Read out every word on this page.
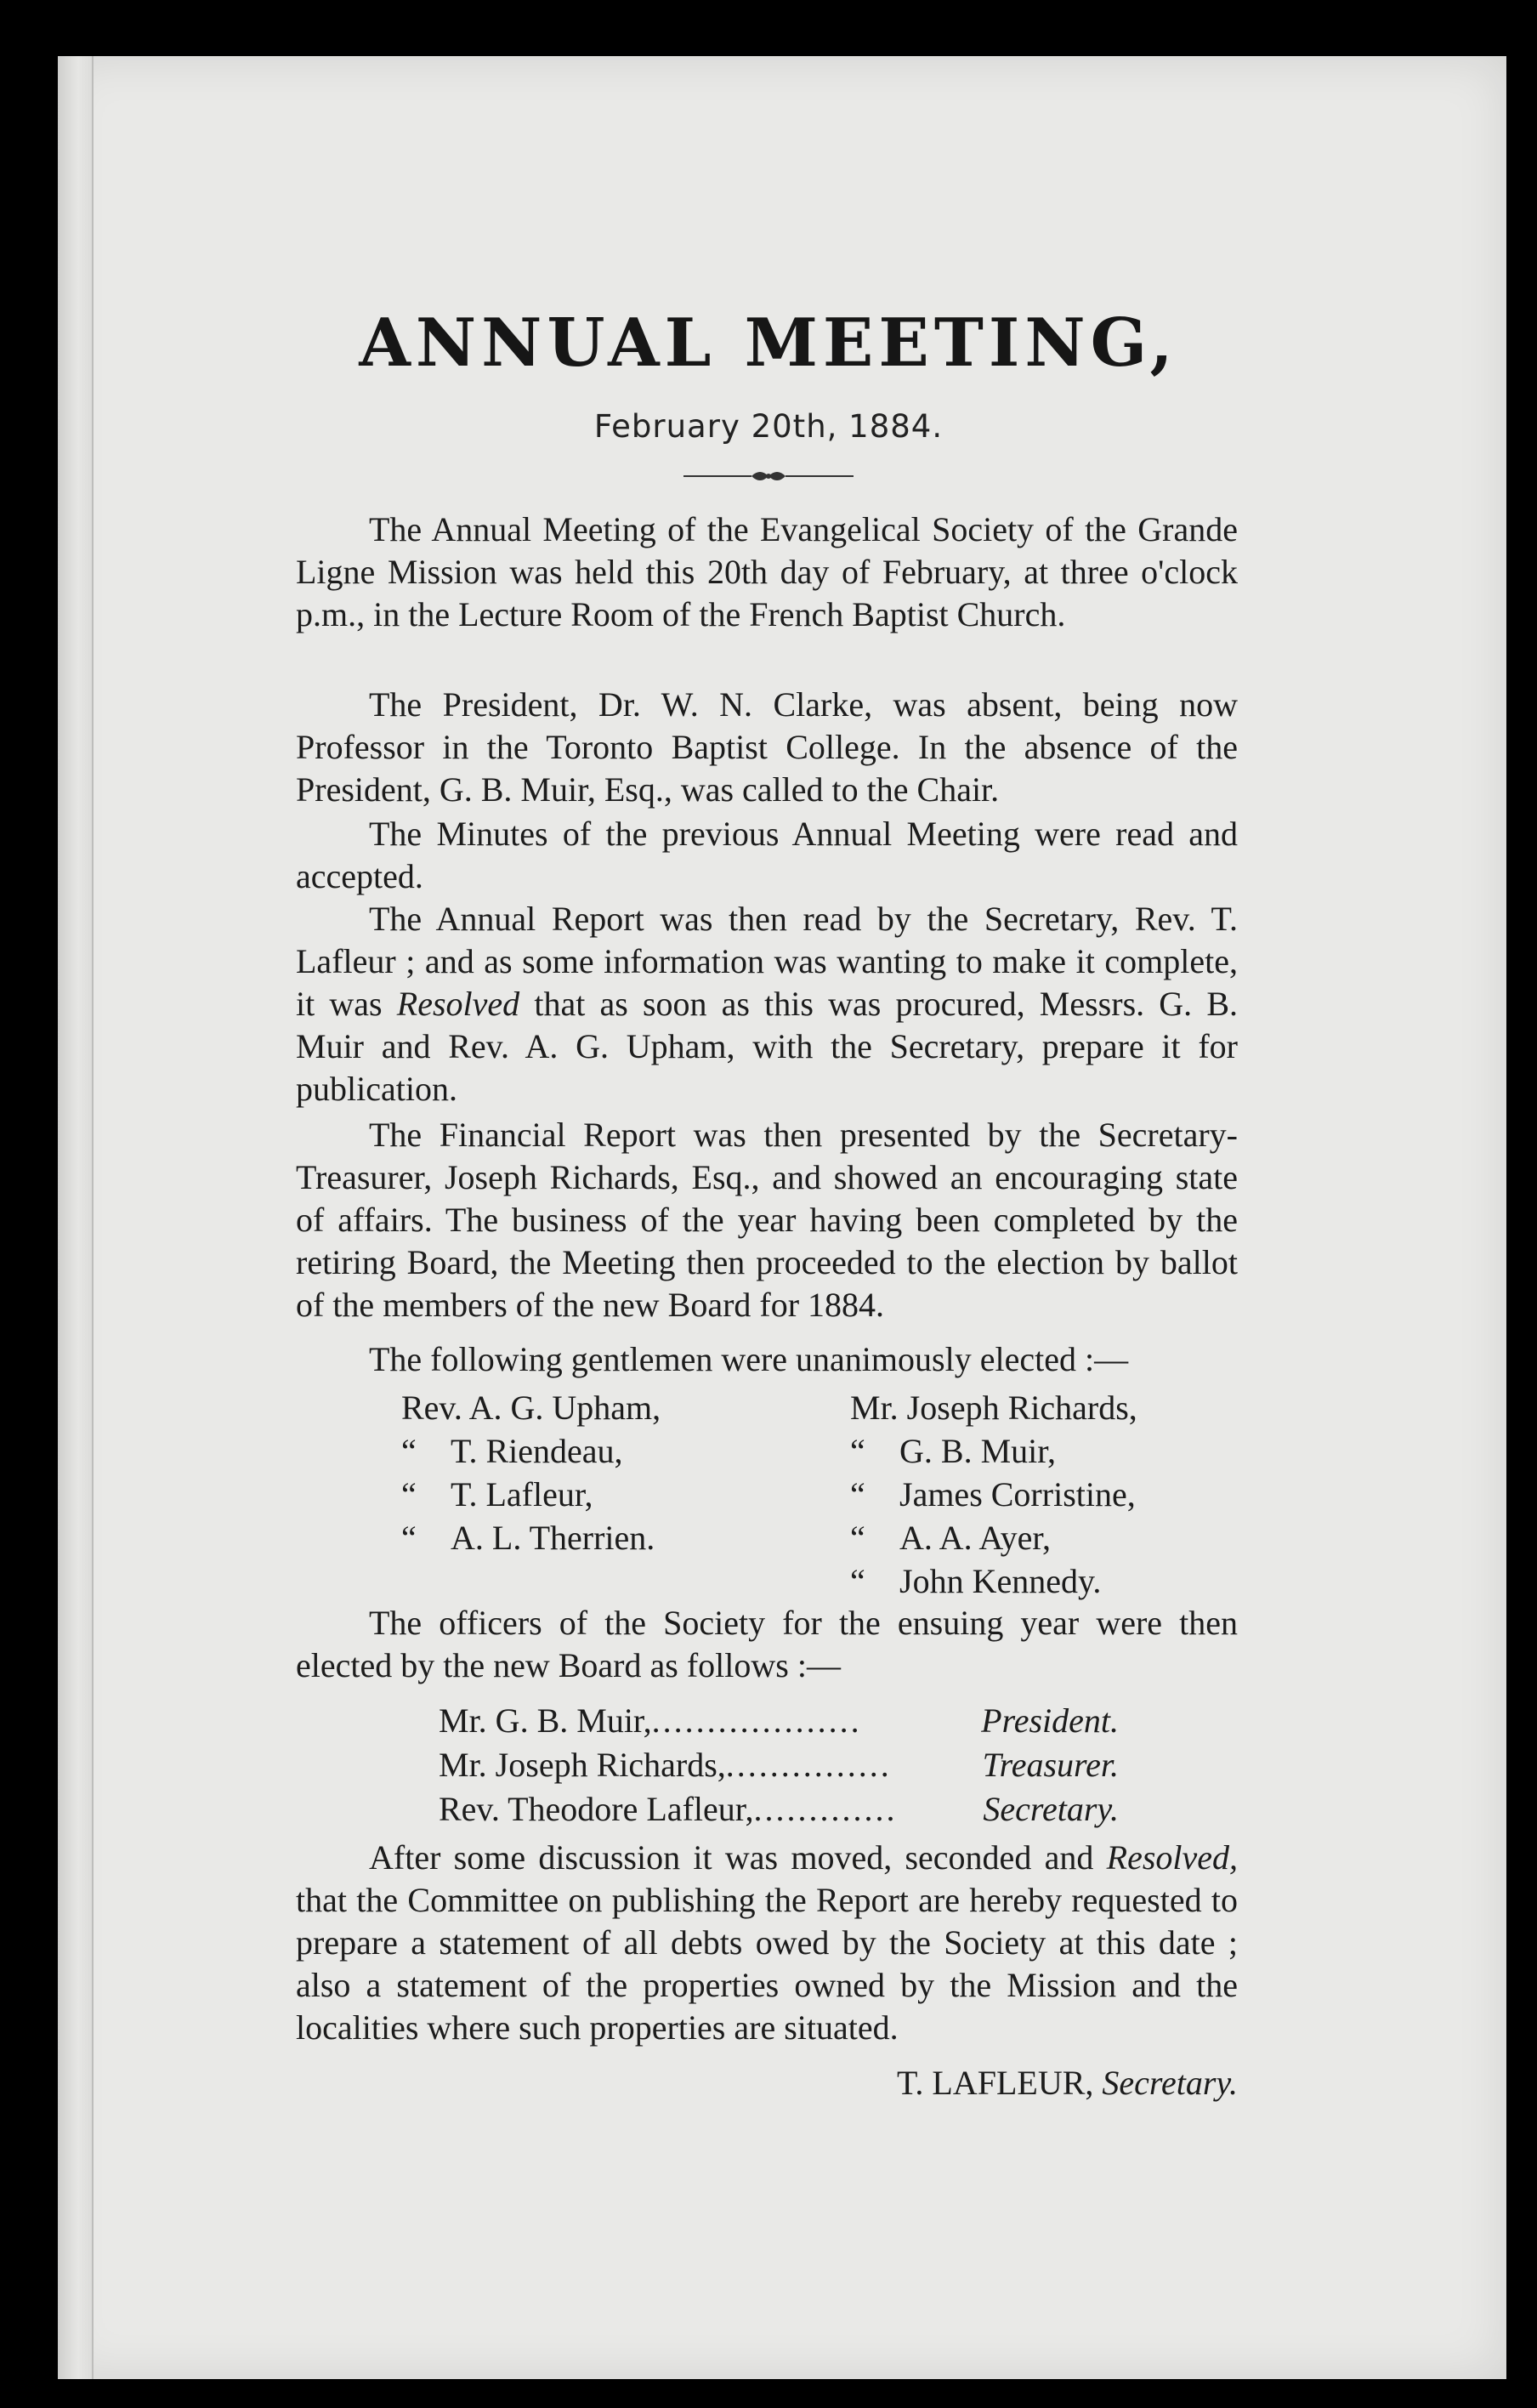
ANNUAL MEETING,
February 20th, 1884.

The Annual Meeting of the Evangelical Society of the Grande Ligne Mission was held this 20th day of February, at three o'clock p.m., in the Lecture Room of the French Baptist Church.

The President, Dr. W. N. Clarke, was absent, being now Professor in the Toronto Baptist College. In the absence of the President, G. B. Muir, Esq., was called to the Chair.

The Minutes of the previous Annual Meeting were read and accepted.

The Annual Report was then read by the Secretary, Rev. T. Lafleur ; and as some information was wanting to make it complete, it was Resolved that as soon as this was procured, Messrs. G. B. Muir and Rev. A. G. Upham, with the Secretary, prepare it for publication.

The Financial Report was then presented by the Secretary-Treasurer, Joseph Richards, Esq., and showed an encouraging state of affairs. The business of the year having been completed by the retiring Board, the Meeting then proceeded to the election by ballot of the members of the new Board for 1884.

The following gentlemen were unanimously elected :—

Rev. A. G. Upham,
“ T. Riendeau,
“ T. Lafleur,
“ A. L. Therrien.
Mr. Joseph Richards,
“ G. B. Muir,
“ James Corristine,
“ A. A. Ayer,
“ John Kennedy.

The officers of the Society for the ensuing year were then elected by the new Board as follows :—

Mr. G. B. Muir, ...................	President.
Mr. Joseph Richards, ...............	Treasurer.
Rev. Theodore Lafleur, .............	Secretary.

After some discussion it was moved, seconded and Resolved, that the Committee on publishing the Report are hereby requested to prepare a statement of all debts owed by the Society at this date ; also a statement of the properties owned by the Mission and the localities where such properties are situated.

T. LAFLEUR, Secretary.
